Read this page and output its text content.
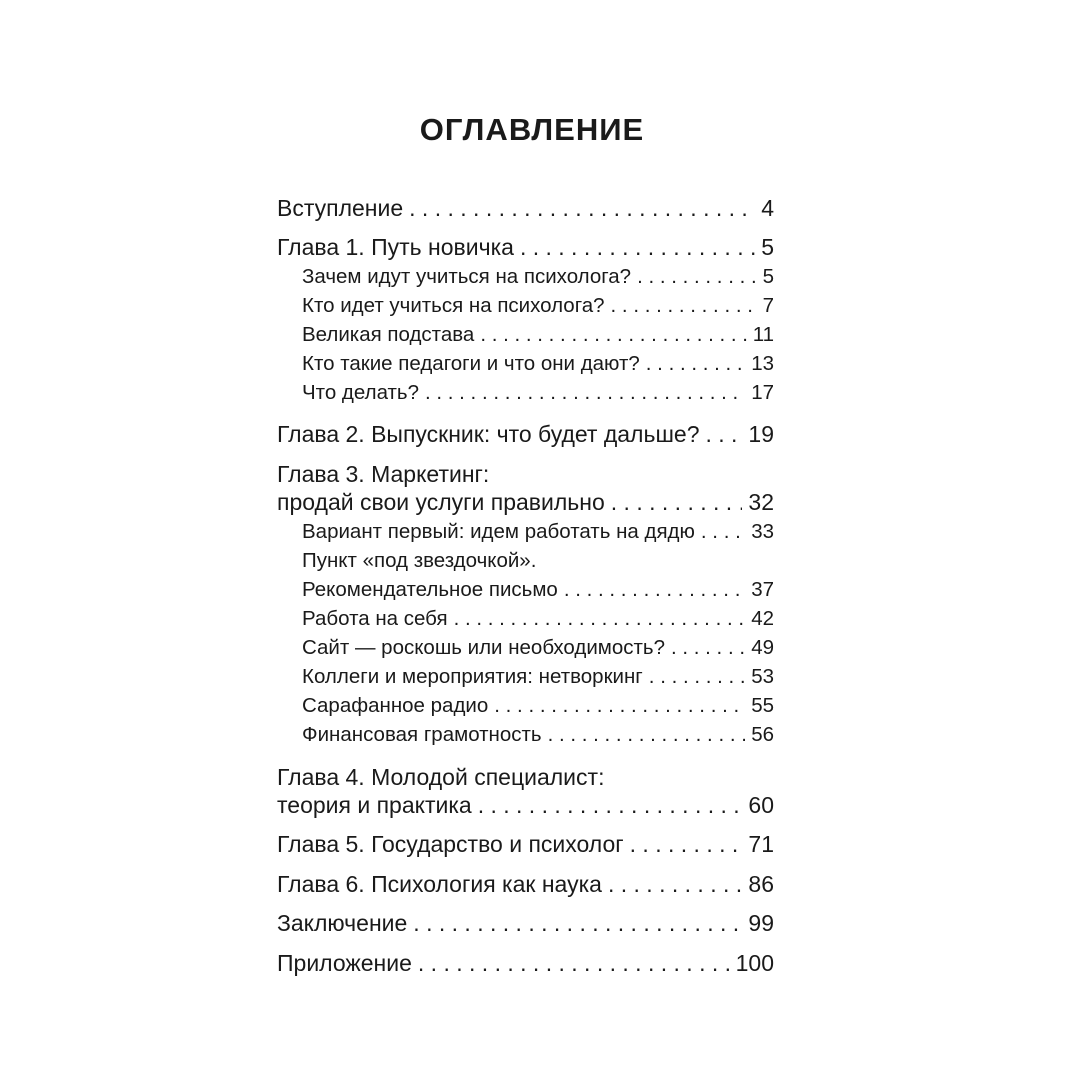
ОГЛАВЛЕНИЕ
Вступление . . .	4
Глава 1. Путь новичка . . .	5
Зачем идут учиться на психолога? . . .	5
Кто идет учиться на психолога? . . .	7
Великая подстава . . .	11
Кто такие педагоги и что они дают? . . .	13
Что делать? . . .	17
Глава 2. Выпускник: что будет дальше? . . . 19
Глава 3. Маркетинг:
продай свои услуги правильно . . .	32
Вариант первый: идем работать на дядю . . .	33
Пункт «под звездочкой».
Рекомендательное письмо . . .	37
Работа на себя . . .	42
Сайт — роскошь или необходимость? . . .	49
Коллеги и мероприятия: нетворкинг . . .	53
Сарафанное радио . . .	55
Финансовая грамотность . . .	56
Глава 4. Молодой специалист:
теория и практика . . .	60
Глава 5. Государство и психолог . . .	71
Глава 6. Психология как наука . . .	86
Заключение . . .	99
Приложение . . .	100
